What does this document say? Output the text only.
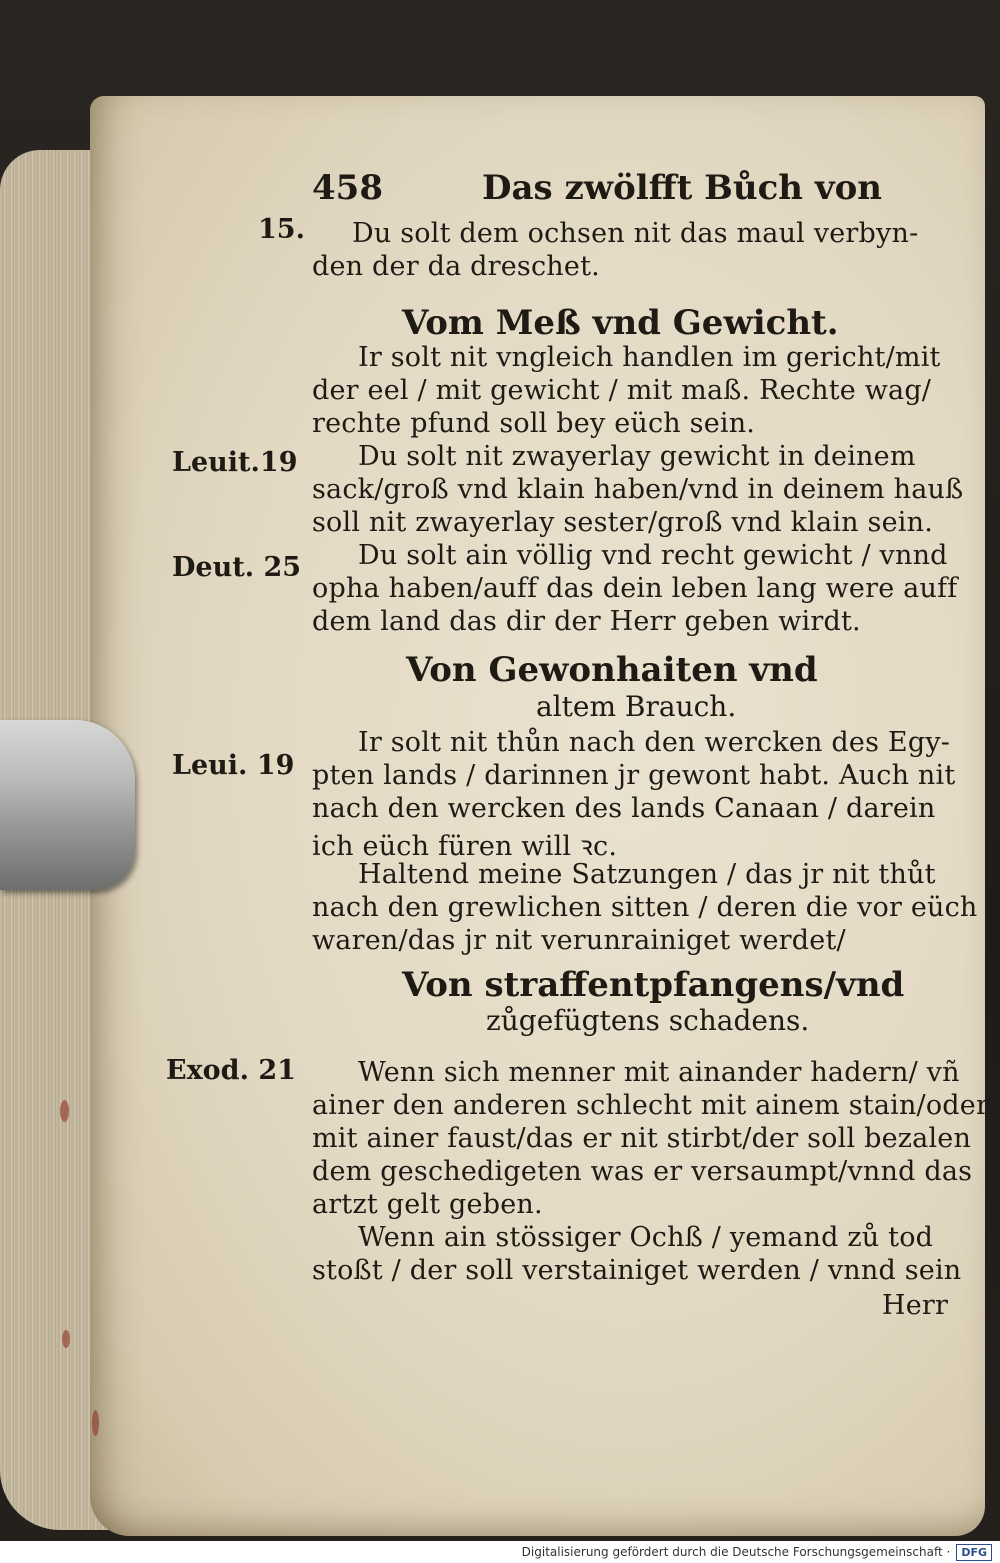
458	Das zwölfft Bůch von
15.
Leuit.19
Deut. 25
Leui. 19
Exod. 21
Du solt dem ochsen nit das maul verbyn-
den der da dreschet.
Vom Meß vnd Gewicht.
Ir solt nit vngleich handlen im gericht/mit
der eel / mit gewicht / mit maß. Rechte wag/
rechte pfund soll bey eüch sein.
Du solt nit zwayerlay gewicht in deinem
sack/groß vnd klain haben/vnd in deinem hauß
soll nit zwayerlay sester/groß vnd klain sein.
Du solt ain völlig vnd recht gewicht / vnnd
opha haben/auff das dein leben lang were auff
dem land das dir der Herr geben wirdt.
Von Gewonhaiten vnd
altem Brauch.
Ir solt nit thůn nach den wercken des Egy-
pten lands / darinnen jr gewont habt. Auch nit
nach den wercken des lands Canaan / darein
ich eüch füren will ꝛc.
Haltend meine Satzungen / das jr nit thůt
nach den grewlichen sitten / deren die vor eüch
waren/das jr nit verunrainiget werdet/
Von straffentpfangens/vnd
zůgefügtens schadens.
Wenn sich menner mit ainander hadern/ vñ
ainer den anderen schlecht mit ainem stain/oder
mit ainer faust/das er nit stirbt/der soll bezalen
dem geschedigeten was er versaumpt/vnnd das
artzt gelt geben.
Wenn ain stössiger Ochß / yemand zů tod
stoßt / der soll verstainiget werden / vnnd sein
Herr
Digitalisierung gefördert durch die Deutsche Forschungsgemeinschaft ·	DFG
